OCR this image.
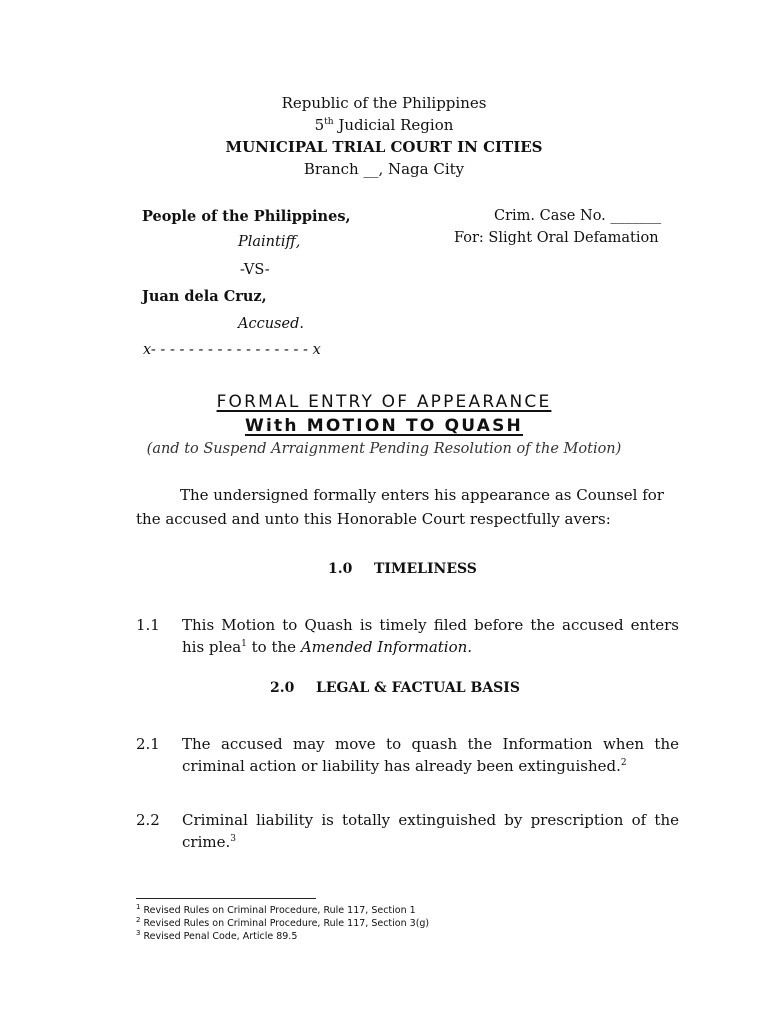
Republic of the Philippines

5th Judicial Region

MUNICIPAL TRIAL COURT IN CITIES

Branch __, Naga City

People of the Philippines,

Plaintiff,

-VS-

Juan dela Cruz,

Accused.

x- - - - - - - - - - - - - - - - - x

Crim. Case No. _______

For: Slight Oral Defamation

FORMAL ENTRY OF APPEARANCE

With MOTION TO QUASH

(and to Suspend Arraignment Pending Resolution of the Motion)

The undersigned formally enters his appearance as Counsel for

the accused and unto this Honorable Court respectfully avers:

1.0 TIMELINESS

1.1 This Motion to Quash is timely filed before the accused enters
his plea$^1$ to the Amended Information.

2.0 LEGAL & FACTUAL BASIS

2.1 The accused may move to quash the Information when the
criminal action or liability has already been extinguished.$^2$
2.2 Criminal liability is totally extinguished by prescription of the
crime.$^3$

$^1$ Revised Rules on Criminal Procedure, Rule 117, Section 1

$^2$ Revised Rules on Criminal Procedure, Rule 117, Section 3(g)

$^3$ Revised Penal Code, Article 89.5
